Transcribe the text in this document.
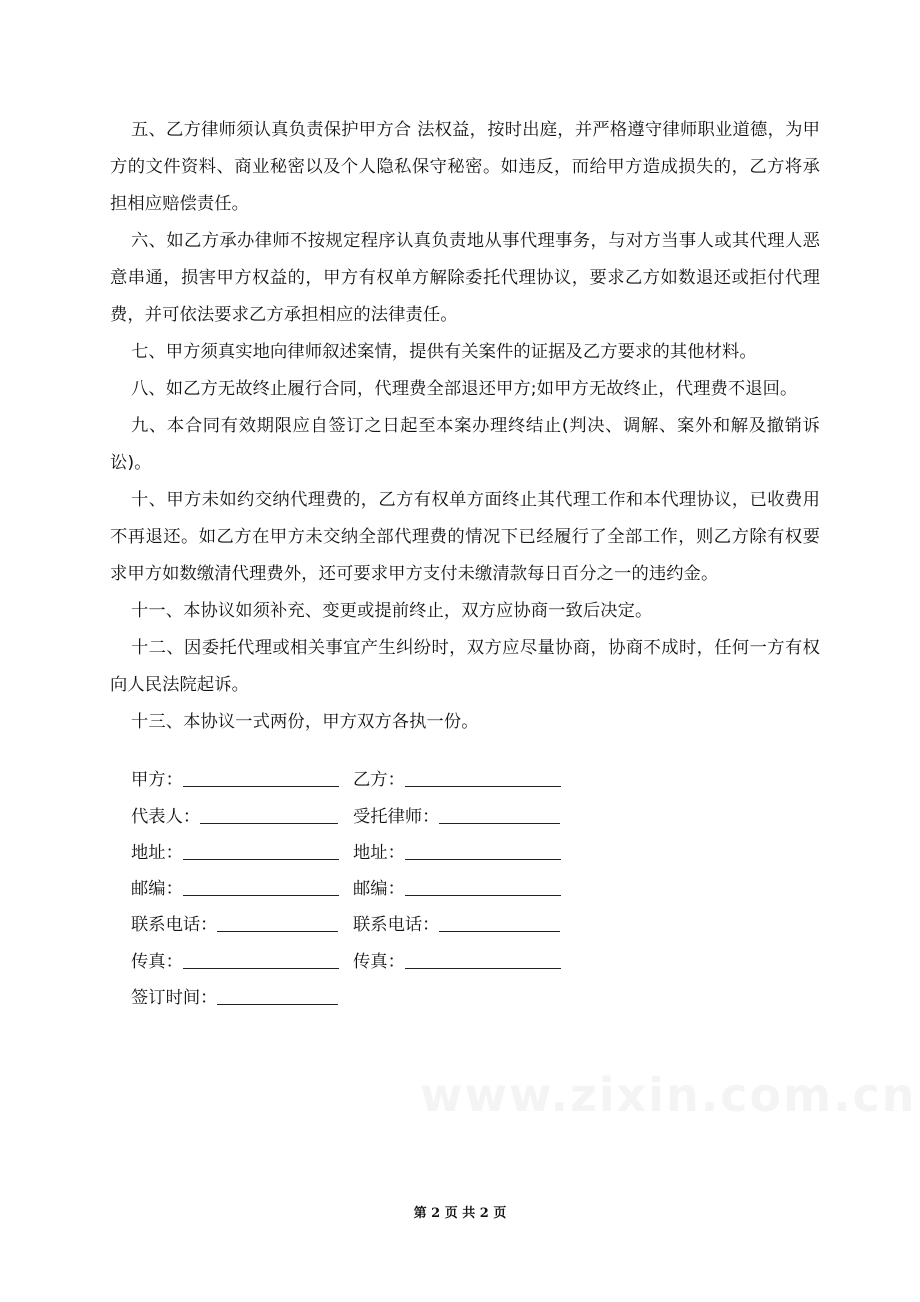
五、乙方律师须认真负责保护甲方合 法权益，按时出庭，并严格遵守律师职业道德，为甲方的文件资料、商业秘密以及个人隐私保守秘密。如违反，而给甲方造成损失的，乙方将承担相应赔偿责任。

六、如乙方承办律师不按规定程序认真负责地从事代理事务，与对方当事人或其代理人恶意串通，损害甲方权益的，甲方有权单方解除委托代理协议，要求乙方如数退还或拒付代理费，并可依法要求乙方承担相应的法律责任。

七、甲方须真实地向律师叙述案情，提供有关案件的证据及乙方要求的其他材料。

八、如乙方无故终止履行合同，代理费全部退还甲方;如甲方无故终止，代理费不退回。

九、本合同有效期限应自签订之日起至本案办理终结止(判决、调解、案外和解及撤销诉讼)。

十、甲方未如约交纳代理费的，乙方有权单方面终止其代理工作和本代理协议，已收费用不再退还。如乙方在甲方未交纳全部代理费的情况下已经履行了全部工作，则乙方除有权要求甲方如数缴清代理费外，还可要求甲方支付未缴清款每日百分之一的违约金。

十一、本协议如须补充、变更或提前终止，双方应协商一致后决定。

十二、因委托代理或相关事宜产生纠纷时，双方应尽量协商，协商不成时，任何一方有权向人民法院起诉。

十三、本协议一式两份，甲方双方各执一份。

甲方：	乙方：
代表人：	受托律师：
地址：	地址：
邮编：	邮编：
联系电话：	联系电话：
传真：	传真：
签订时间：
www.zixin.com.cn
第 2 页 共 2 页
